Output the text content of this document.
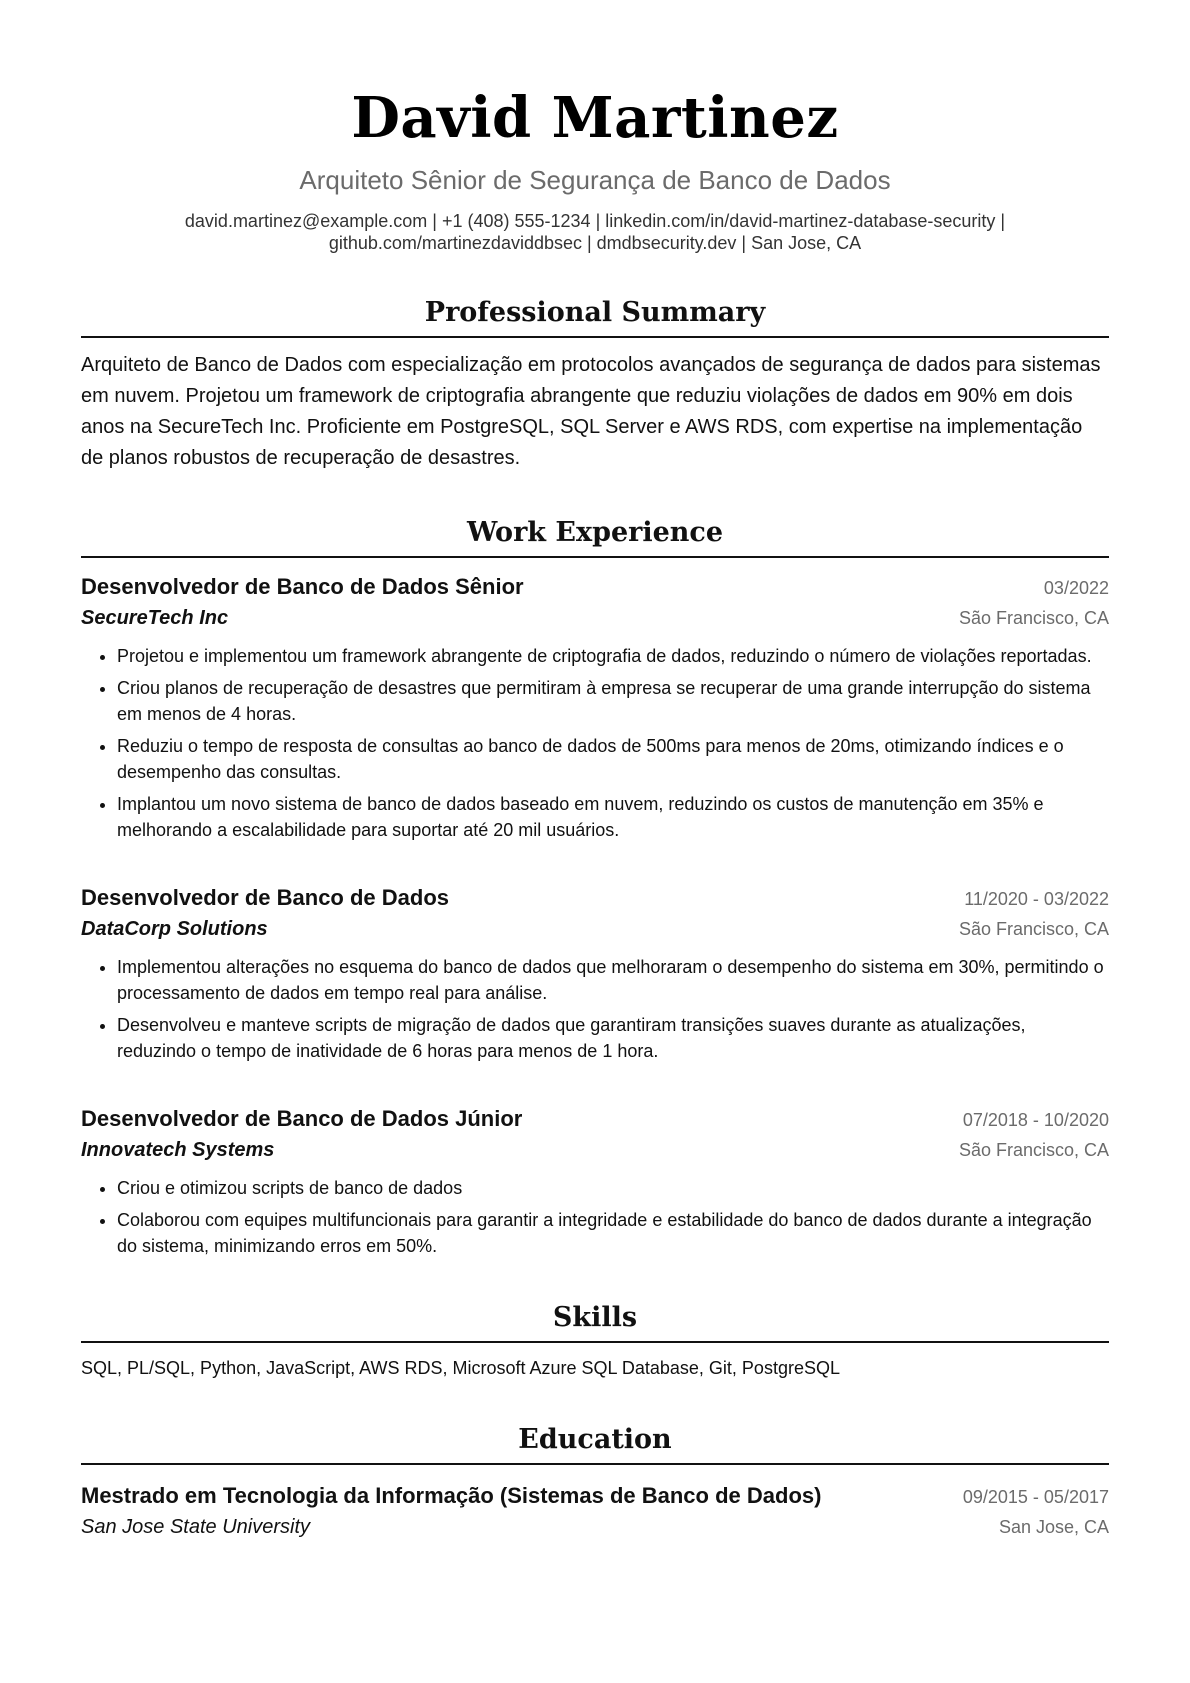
David Martinez
Arquiteto Sênior de Segurança de Banco de Dados
david.martinez@example.com | +1 (408) 555-1234 | linkedin.com/in/david-martinez-database-security |
github.com/martinezdaviddbsec | dmdbsecurity.dev | San Jose, CA
Professional Summary

Arquiteto de Banco de Dados com especialização em protocolos avançados de segurança de dados para sistemas em nuvem. Projetou um framework de criptografia abrangente que reduziu violações de dados em 90% em dois anos na SecureTech Inc. Proficiente em PostgreSQL, SQL Server e AWS RDS, com expertise na implementação de planos robustos de recuperação de desastres.

Work Experience
Desenvolvedor de Banco de Dados Sênior	03/2022
SecureTech Inc	São Francisco, CA
• Projetou e implementou um framework abrangente de criptografia de dados, reduzindo o número de violações reportadas.
• Criou planos de recuperação de desastres que permitiram à empresa se recuperar de uma grande interrupção do sistema em menos de 4 horas.
• Reduziu o tempo de resposta de consultas ao banco de dados de 500ms para menos de 20ms, otimizando índices e o desempenho das consultas.
• Implantou um novo sistema de banco de dados baseado em nuvem, reduzindo os custos de manutenção em 35% e melhorando a escalabilidade para suportar até 20 mil usuários.
Desenvolvedor de Banco de Dados	11/2020 - 03/2022
DataCorp Solutions	São Francisco, CA
• Implementou alterações no esquema do banco de dados que melhoraram o desempenho do sistema em 30%, permitindo o processamento de dados em tempo real para análise.
• Desenvolveu e manteve scripts de migração de dados que garantiram transições suaves durante as atualizações, reduzindo o tempo de inatividade de 6 horas para menos de 1 hora.
Desenvolvedor de Banco de Dados Júnior	07/2018 - 10/2020
Innovatech Systems	São Francisco, CA
• Criou e otimizou scripts de banco de dados
• Colaborou com equipes multifuncionais para garantir a integridade e estabilidade do banco de dados durante a integração do sistema, minimizando erros em 50%.
Skills
SQL, PL/SQL, Python, JavaScript, AWS RDS, Microsoft Azure SQL Database, Git, PostgreSQL
Education
Mestrado em Tecnologia da Informação (Sistemas de Banco de Dados)	09/2015 - 05/2017
San Jose State University	San Jose, CA
